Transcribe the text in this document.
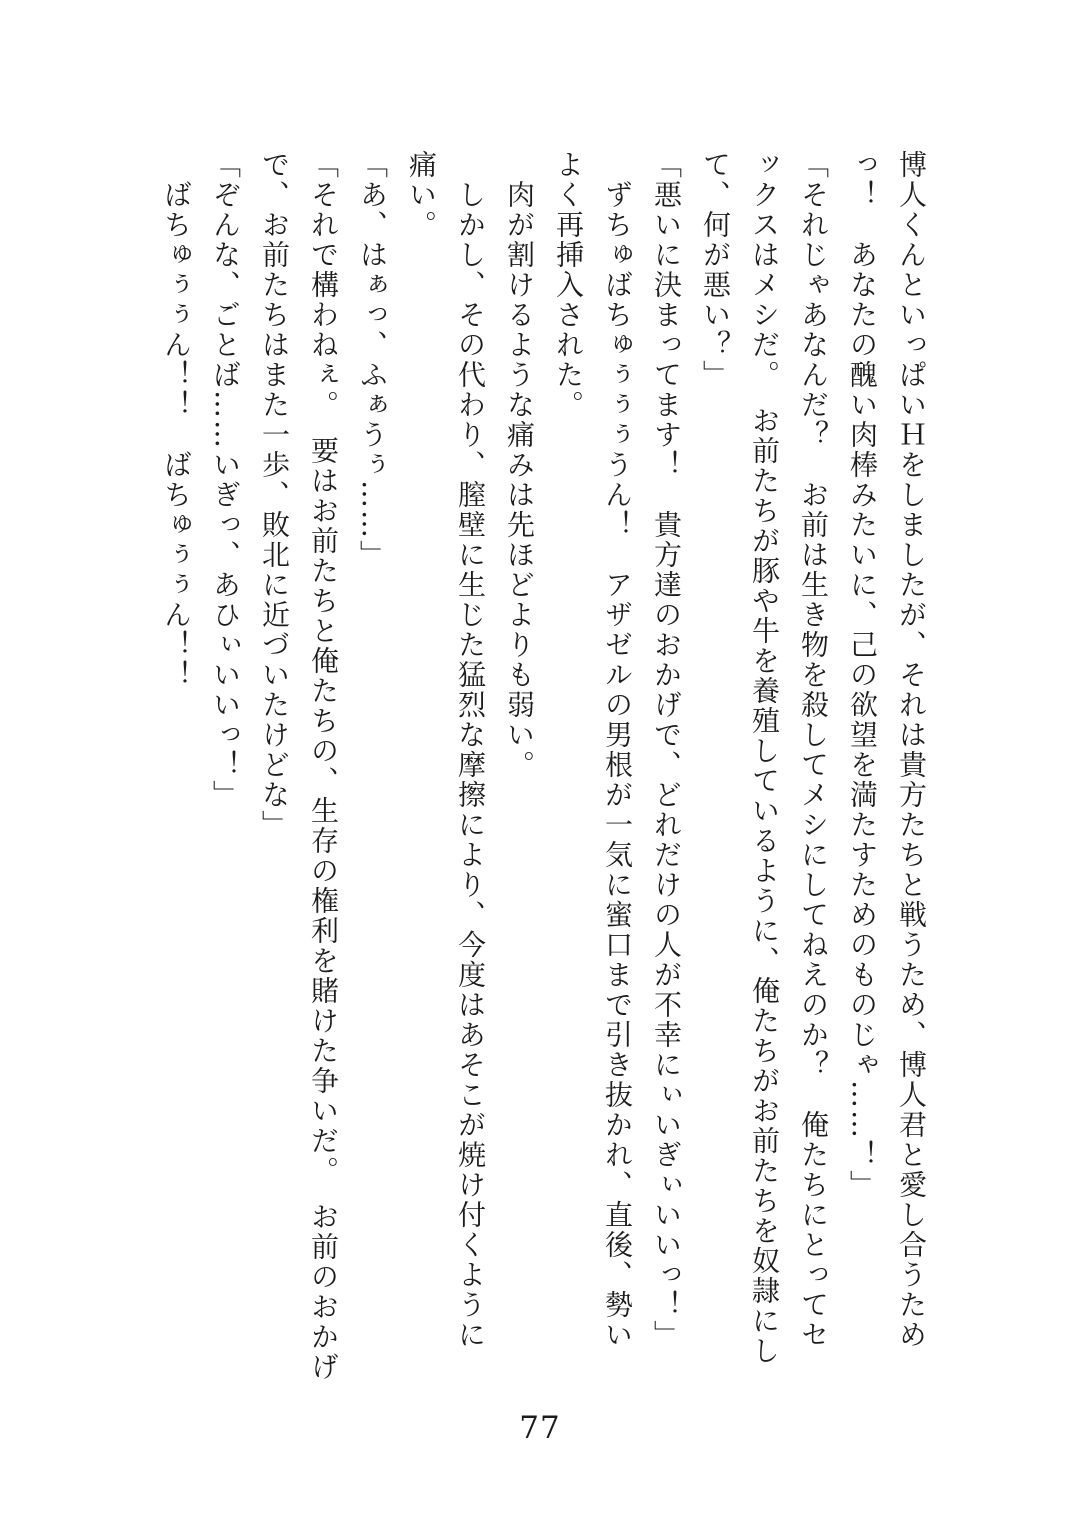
博人くんといっぱいＨをしましたが、それは貴方たちと戦うため、博人君と愛し合うため

っ！　あなたの醜い肉棒みたいに、己の欲望を満たすためのものじゃ……！」

「それじゃあなんだ？　お前は生き物を殺してメシにしてねえのか？　俺たちにとってセ

ックスはメシだ。　お前たちが豚や牛を養殖しているように、俺たちがお前たちを奴隷にし

て、何が悪い？」

「悪いに決まってます！　貴方達のおかげで、どれだけの人が不幸にぃいぎぃいいっ！」

　ずちゅばちゅぅぅぅうん！　アザゼルの男根が一気に蜜口まで引き抜かれ、直後、勢い

よく再挿入された。

　肉が割けるような痛みは先ほどよりも弱い。

　しかし、その代わり、膣壁に生じた猛烈な摩擦により、今度はあそこが焼け付くように

痛い。

「あ、はぁっ、ふぁうぅ……」

「それで構わねぇ。　要はお前たちと俺たちの、生存の権利を賭けた争いだ。　お前のおかげ

で、お前たちはまた一歩、敗北に近づいたけどな」

「ぞんな、ごとば……いぎっ、あひぃいいっ！」

　ばちゅぅぅん！！　ばちゅぅぅん！！

77
